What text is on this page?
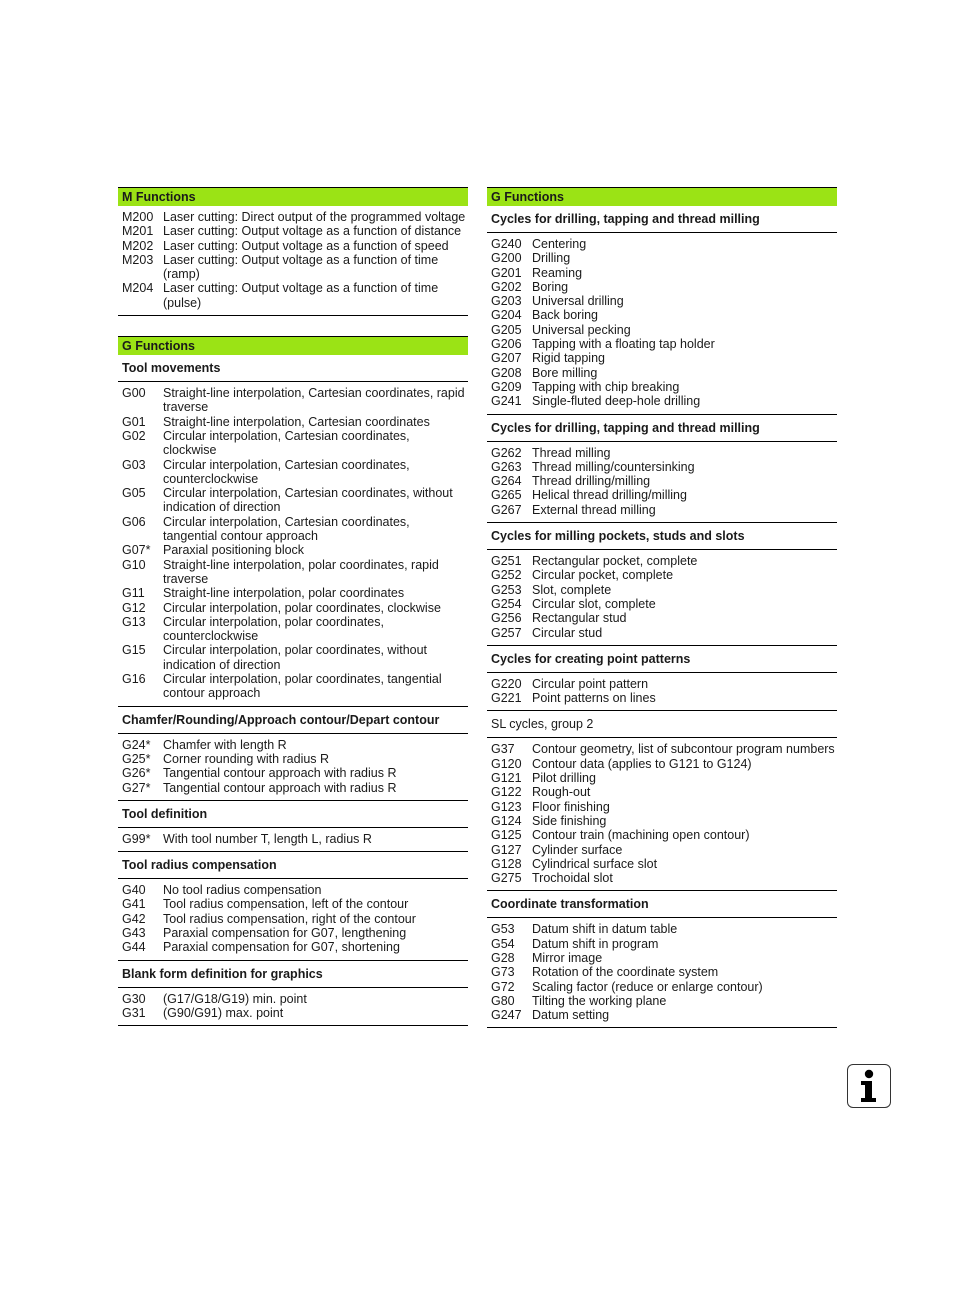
M Functions
M200 Laser cutting: Direct output of the programmed voltage
M201 Laser cutting: Output voltage as a function of distance
M202 Laser cutting: Output voltage as a function of speed
M203 Laser cutting: Output voltage as a function of time (ramp)
M204 Laser cutting: Output voltage as a function of time (pulse)
G Functions
Tool movements
G00	Straight-line interpolation, Cartesian coordinates, rapid traverse
G01	Straight-line interpolation, Cartesian coordinates
G02	Circular interpolation, Cartesian coordinates, clockwise
G03	Circular interpolation, Cartesian coordinates, counterclockwise
G05	Circular interpolation, Cartesian coordinates, without indication of direction
G06	Circular interpolation, Cartesian coordinates, tangential contour approach
G07*	Paraxial positioning block
G10	Straight-line interpolation, polar coordinates, rapid traverse
G11	Straight-line interpolation, polar coordinates
G12	Circular interpolation, polar coordinates, clockwise
G13	Circular interpolation, polar coordinates, counterclockwise
G15	Circular interpolation, polar coordinates, without indication of direction
G16	Circular interpolation, polar coordinates, tangential contour approach
Chamfer/Rounding/Approach contour/Depart contour
G24*	Chamfer with length R
G25*	Corner rounding with radius R
G26*	Tangential contour approach with radius R
G27*	Tangential contour approach with radius R
Tool definition
G99*	With tool number T, length L, radius R
Tool radius compensation
G40	No tool radius compensation
G41	Tool radius compensation, left of the contour
G42	Tool radius compensation, right of the contour
G43	Paraxial compensation for G07, lengthening
G44	Paraxial compensation for G07, shortening
Blank form definition for graphics
G30	(G17/G18/G19) min. point
G31	(G90/G91) max. point
G Functions
Cycles for drilling, tapping and thread milling
G240 Centering
G200 Drilling
G201 Reaming
G202 Boring
G203 Universal drilling
G204 Back boring
G205 Universal pecking
G206 Tapping with a floating tap holder
G207 Rigid tapping
G208 Bore milling
G209 Tapping with chip breaking
G241 Single-fluted deep-hole drilling
Cycles for drilling, tapping and thread milling
G262 Thread milling
G263 Thread milling/countersinking
G264 Thread drilling/milling
G265 Helical thread drilling/milling
G267 External thread milling
Cycles for milling pockets, studs and slots
G251 Rectangular pocket, complete
G252 Circular pocket, complete
G253 Slot, complete
G254 Circular slot, complete
G256 Rectangular stud
G257 Circular stud
Cycles for creating point patterns
G220 Circular point pattern
G221 Point patterns on lines
SL cycles, group 2
G37	Contour geometry, list of subcontour program numbers
G120 Contour data (applies to G121 to G124)
G121 Pilot drilling
G122 Rough-out
G123 Floor finishing
G124 Side finishing
G125 Contour train (machining open contour)
G127 Cylinder surface
G128 Cylindrical surface slot
G275 Trochoidal slot
Coordinate transformation
G53	Datum shift in datum table
G54	Datum shift in program
G28	Mirror image
G73	Rotation of the coordinate system
G72	Scaling factor (reduce or enlarge contour)
G80	Tilting the working plane
G247 Datum setting
